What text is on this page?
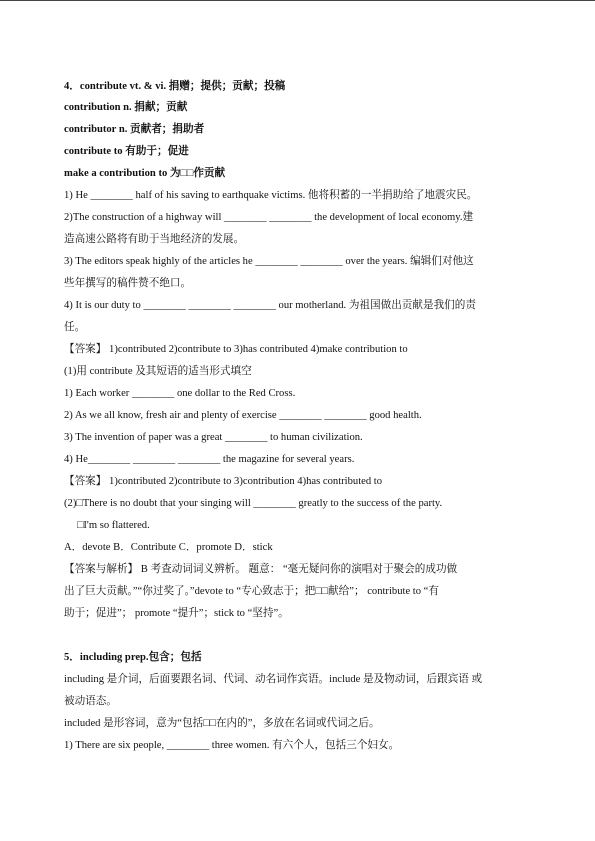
4．contribute vt. & vi. 捐赠；提供；贡献；投稿
contribution n. 捐献；贡献
contributor n. 贡献者；捐助者
contribute to 有助于；促进
make a contribution to 为□□作贡献
1) He ________ half of his saving to earthquake victims. 他将积蓄的一半捐助给了地震灾民。
2)The construction of a highway will ________ ________ the development of local economy.建
造高速公路将有助于当地经济的发展。
3) The editors speak highly of the articles he ________ ________ over the years. 编辑们对他这
些年撰写的稿件赞不绝口。
4) It is our duty to ________ ________ ________ our motherland. 为祖国做出贡献是我们的责
任。
【答案】 1)contributed 2)contribute to 3)has contributed 4)make contribution to
(1)用 contribute 及其短语的适当形式填空
1) Each worker ________ one dollar to the Red Cross.
2) As we all know, fresh air and plenty of exercise ________ ________ good health.
3) The invention of paper was a great ________ to human civilization.
4) He________ ________ ________ the magazine for several years.
【答案】 1)contributed 2)contribute to 3)contribution 4)has contributed to
(2)□There is no doubt that your singing will ________ greatly to the success of the party.
□I'm so flattered.
A．devote B．Contribute C．promote D．stick
【答案与解析】 B 考查动词词义辨析。 题意： “毫无疑问你的演唱对于聚会的成功做
出了巨大贡献。”“你过奖了。”devote to “专心致志于；把□□献给”； contribute to “有
助于；促进”； promote “提升”；stick to “坚持”。
5．including prep.包含；包括
including 是介词，后面要跟名词、代词、动名词作宾语。include 是及物动词，后跟宾语 或
被动语态。
included 是形容词，意为“包括□□在内的”，多放在名词或代词之后。
1) There are six people, ________ three women. 有六个人，包括三个妇女。
